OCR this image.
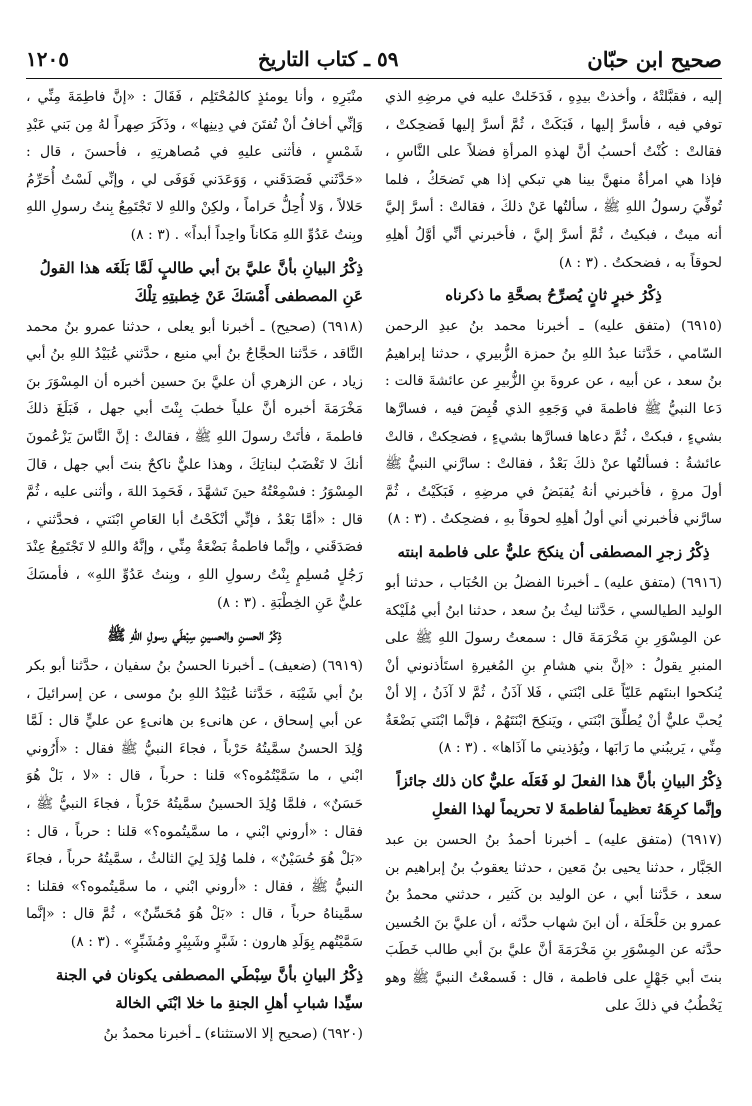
صحيح ابن حبّان
٥٩ ـ كتاب التاريخ
١٢٠٥

إليه ، فقبَّلتْهُ ، وأخذتْ بيدِهِ ، فَدَخَلتْ عليه في مرضِهِ الذي توفي فيه ، فأسرَّ إليها ، فَبَكَتْ ، ثُمَّ أسرَّ إليها فَضحِكتْ ، فقالتْ : كُنْتُ أحسبُ أنَّ لهذهِ المرأةِ فضلاً على النَّاسِ ، فإذا هي امرأةٌ منهنَّ بينا هي تبكي إذا هي تَضحَكُ ، فلما تُوفِّيَ رسولُ اللهِ ﷺ ، سألتُها عَنْ ذلكَ ، فقالتْ : أسرَّ إليَّ أنه ميتٌ ، فبكيتُ ، ثُمَّ أسرَّ إليَّ ، فأخبرني أنِّي أوَّلُ أهلِهِ لحوقاً به ، فضحكتُ . (٣ : ٨)

ذِكْرُ خبرٍ ثانٍ يُصرِّحُ بصحَّةِ ما ذكرناه

(٦٩١٥) (متفق عليه) ـ أخبرنا محمد بنُ عبدِ الرحمن السّامي ، حَدَّثنا عبدُ اللهِ بنُ حمزة الزُّبيري ، حدثنا إبراهيمُ بنُ سعد ، عن أبيه ، عن عروةَ بنِ الزُّبيرِ عن عائشةَ قالت : دَعا النبيُّ ﷺ فاطمةَ في وَجَعِهِ الذي قُبِضَ فيه ، فسارَّها بشيءٍ ، فبكتْ ، ثُمَّ دعاها فسارَّها بشيءٍ ، فضحِكتْ ، قالتْ عائشةُ : فسألتُها عنْ ذلكَ بَعْدُ ، فقالتْ : سارَّني النبيُّ ﷺ أولَ مرةٍ ، فأخبرني أنهُ يُقبَضُ في مرضِهِ ، فَبَكَيْتُ ، ثُمَّ سارَّني فأخبرني أني أولُ أهلِهِ لحوقاً بهِ ، فضحِكتُ . (٣ : ٨)

ذِكْرُ زجرِ المصطفى أن ينكحَ عليٌّ على فاطمة ابنته

(٦٩١٦) (متفق عليه) ـ أخبرنا الفضلُ بن الحُبَاب ، حدثنا أبو الوليد الطيالسي ، حَدَّثنا ليثُ بنُ سعد ، حدثنا ابنُ أبي مُلَيْكة عن المِسْوَرِ بنِ مَخْرَمَةَ قال : سمعتُ رسولَ اللهِ ﷺ على المنبرِ يقولُ : «إنَّ بني هشامِ بنِ المُغيرةِ استَأذنوني أنْ يُنكحوا ابنتَهم عَليّاً عَلى ابْنَتي ، فَلا آذَنُ ، ثُمَّ لا آذَنُ ، إلا أنْ يُحبَّ عليٌّ أنْ يُطلِّقَ ابْنَتي ، ويَنكِحَ ابْنَتَهُمْ ، فإنَّما ابْنَتي بَضْعَةٌ مِنِّي ، يَريبُني ما رَابَها ، ويُؤذيني ما آذَاها» . (٣ : ٨)

ذِكْرُ البيانِ بأنَّ هذا الفعلَ لو فَعَلَه عليٌّ كان ذلك جائزاً وإنَّما كرِهَهُ تعظيماً لفاطمةَ لا تحريماً لهذا الفعلِ

(٦٩١٧) (متفق عليه) ـ أخبرنا أحمدُ بنُ الحسن بن عبد الجَبَّار ، حدثنا يحيى بنُ مَعين ، حدثنا يعقوبُ بنُ إبراهيم بن سعد ، حَدَّثنا أبي ، عن الوليد بن كَثير ، حدثني محمدُ بنُ عمرو بن حَلْحَلَة ، أن ابنَ شهاب حدَّثه ، أن عليَّ بنَ الحُسين حدَّثه عن المِسْوَرِ بنِ مَخْرَمَةَ أنَّ عليَّ بنَ أبي طالب خَطَبَ بنتَ أبي جَهْلٍ على فاطمة ، قال : فَسمعْتُ النبيَّ ﷺ وهو يَخْطُبُ في ذلكَ على

منْبَرِهِ ، وأنا يومئذٍ كالمُحْتَلِم ، فَقَالَ : «إنَّ فاطِمَةَ مِنِّي ، وَإنِّي أخافُ أنْ تُفتَنَ في دِينِها» ، وذَكَرَ صِهراً لهُ مِن بَني عَبْدِ شَمْسٍ ، فأثنى عليهِ في مُصاهرتِهِ ، فأحسنَ ، قال : «حَدَّثَني فَصَدَقَني ، وَوَعَدَني فَوَفَى لي ، وإنِّي لَسْتُ أُحَرِّمُ حَلالاً ، وَلا أُحِلُّ حَراماً ، ولكِنْ واللهِ لا تَجْتَمِعُ بِنتُ رسولِ اللهِ وبِنتُ عَدُوِّ اللهِ مَكاناً واحِداً أبداً» . (٣ : ٨)

ذِكْرُ البيانِ بأنَّ عليَّ بنَ أبي طالبٍ لَمَّا بَلَغَه هذا القولُ عَنِ المصطفى أَمْسَكَ عَنْ خِطبتِهِ تِلْكَ

(٦٩١٨) (صحيح) ـ أخبرنا أبو يعلى ، حدثنا عمرو بنُ محمد النَّاقد ، حَدَّثنا الحجَّاجُ بنُ أبي منيع ، حدَّثني عُبَيْدُ اللهِ بنُ أبي زياد ، عن الزهري أن عليَّ بنَ حسين أخبره أن المِسْوَرَ بنَ مَخْرَمَةَ أخبره أنَّ علياً خطبَ بِنْتَ أبي جهل ، فَبَلَغَ ذلكَ فاطمةَ ، فأتَتْ رسولَ اللهِ ﷺ ، فقالتْ : إنَّ النَّاسَ يَزْعُمونَ أنكَ لا تَغْضَبُ لبناتِكَ ، وهذا عليٌّ ناكحٌ بنتَ أبي جهل ، قالَ المِسْوَرُ : فسْمِعْتُهُ حينَ تَشهَّدَ ، فَحَمِدَ اللهَ ، وأثنى عليه ، ثُمَّ قال : «أمَّا بَعْدُ ، فإنِّي أنْكَحْتُ أبا العَاصِ ابْنَتي ، فحدَّثني ، فصَدَقَني ، وإنَّما فاطمةُ بَضْعَةٌ مِنِّي ، وإنَّهُ واللهِ لا تَجْتَمِعُ عِنْدَ رَجُلٍ مُسلِمٍ بِنْتُ رسولِ اللهِ ، وبِنتُ عَدُوِّ اللهِ» ، فأمسَكَ عليٌّ عَنِ الخِطْبَةِ . (٣ : ٨)

ذِكْرُ الحسنِ والحسينِ سِبْطَي رسولِ اللهِ ﷺ

(٦٩١٩) (ضعيف) ـ أخبرنا الحسنُ بنُ سفيان ، حدَّثنا أبو بكر بنُ أبي شَيْبَة ، حَدَّثنا عُبَيْدُ اللهِ بنُ موسى ، عن إسرائيلَ ، عن أبي إسحاق ، عن هانىءِ بن هانىءٍ عن عليٍّ قال : لَمَّا وُلِدَ الحسنُ سمَّيتُهُ حَرْباً ، فجاءَ النبيُّ ﷺ فقال : «أَرُوني ابْني ، ما سَمَّيْتُمُوه؟» قلنا : حرباً ، قال : «لا ، بَلْ هُوَ حَسَنٌ» ، فلمَّا وُلِدَ الحسينُ سمَّيتُهُ حَرْباً ، فجاءَ النبيُّ ﷺ ، فقال : «أروني ابْني ، ما سمَّيتُموه؟» قلنا : حرباً ، قال : «بَلْ هُوَ حُسَيْنٌ» ، فلما وُلِدَ لِيَ الثالثُ ، سمَّيتُهُ حرباً ، فجاءَ النبيُّ ﷺ ، فقال : «أروني ابْني ، ما سمَّيتُموه؟» فقلنا : سمَّيناهُ حرباً ، قال : «بَلْ هُوَ مُحَسِّنٌ» ، ثُمَّ قال : «إنَّما سَمَّيْتُهم بِوَلَدِ هارون : شَبَّرٍ وشَبِيْرٍ ومُشَبِّرٍ» . (٣ : ٨)

ذِكْرُ البيانِ بأنَّ سِبْطَي المصطفى يكونان في الجنة سيِّدا شبابِ أهلِ الجنةِ ما خلا ابْنَي الخالة

(٦٩٢٠) (صحيح إلا الاستثناء) ـ أخبرنا محمدُ بنُ
